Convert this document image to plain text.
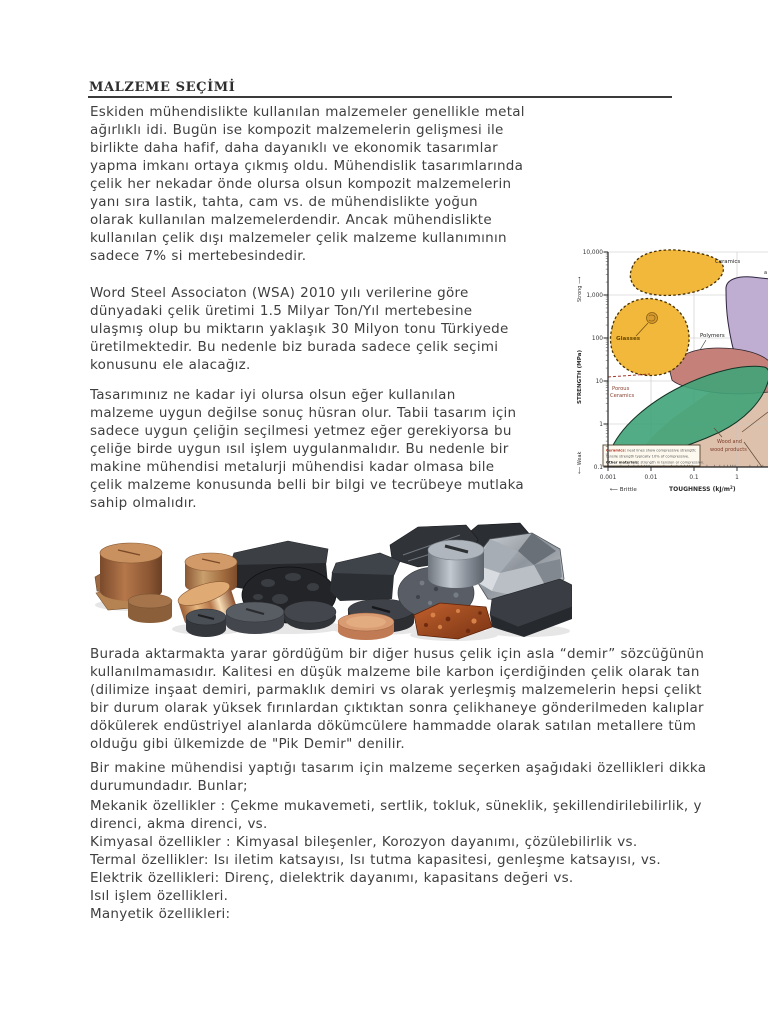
MALZEME SEÇİMİ
Eskiden mühendislikte kullanılan malzemeler genellikle metal
ağırlıklı idi. Bugün ise kompozit malzemelerin gelişmesi ile
birlikte daha hafif, daha dayanıklı ve ekonomik tasarımlar
yapma imkanı ortaya çıkmış oldu. Mühendislik tasarımlarında
çelik her nekadar önde olursa olsun kompozit malzemelerin
yanı sıra lastik, tahta, cam vs. de mühendislikte yoğun
olarak kullanılan malzemelerdendir. Ancak mühendislikte
kullanılan çelik dışı malzemeler çelik malzeme kullanımının
sadece 7% si mertebesindedir.
Word Steel Associaton (WSA) 2010 yılı verilerine göre
dünyadaki çelik üretimi 1.5 Milyar Ton/Yıl mertebesine
ulaşmış olup bu miktarın yaklaşık 30 Milyon tonu Türkiyede
üretilmektedir. Bu nedenle biz burada sadece çelik seçimi
konusunu ele alacağız.
Tasarımınız ne kadar iyi olursa olsun eğer kullanılan
malzeme uygun değilse sonuç hüsran olur. Tabii tasarım için
sadece uygun çeliğin seçilmesi yetmez eğer gerekiyorsa bu
çeliğe birde uygun ısıl işlem uygulanmalıdır. Bu nedenle bir
makine mühendisi metalurji mühendisi kadar olmasa bile
çelik malzeme konusunda belli bir bilgi ve tecrübeye mutlaka
sahip olmalıdır.
Burada aktarmakta yarar gördüğüm bir diğer husus çelik için asla “demir” sözcüğünün
kullanılmamasıdır. Kalitesi en düşük malzeme bile karbon içerdiğinden çelik olarak tan
(dilimize inşaat demiri, parmaklık demiri vs olarak yerleşmiş malzemelerin hepsi çelikt
bir durum olarak yüksek fırınlardan çıktıktan sonra çelikhaneye gönderilmeden kalıplar
dökülerek endüstriyel alanlarda dökümcülere hammadde olarak satılan metallere tüm
olduğu gibi ülkemizde de "Pik Demir" denilir.
Bir makine mühendisi yaptığı tasarım için malzeme seçerken aşağıdaki özellikleri dikka
durumundadır. Bunlar;
Mekanik özellikler : Çekme mukavemeti, sertlik, tokluk, süneklik, şekillendirilebilirlik, y
direnci, akma direnci, vs.
Kimyasal özellikler : Kimyasal bileşenler, Korozyon dayanımı, çözülebilirlik vs.
Termal özellikler: Isı iletim katsayısı, Isı tutma kapasitesi, genleşme katsayısı, vs.
Elektrik özellikleri: Direnç, dielektrik dayanımı, kapasitans değeri vs.
Isıl işlem özellikleri.
Manyetik özellikleri:
Ceramics
a
Glasses	Polymers
Porous
Ceramics
Wood and
wood products
Ceramics: neat lines show compressive strength;
tensile strength typically 10% of compressive.
Other materials: strength in tension or compression.
10,000
1,000
100
10
1
0.1
0.001	0.01	0.1	1
Strong ⟶
STRENGTH (MPa)
⟵ Weak
⟵ Brittle	TOUGHNESS $(kJ/m^2)$
